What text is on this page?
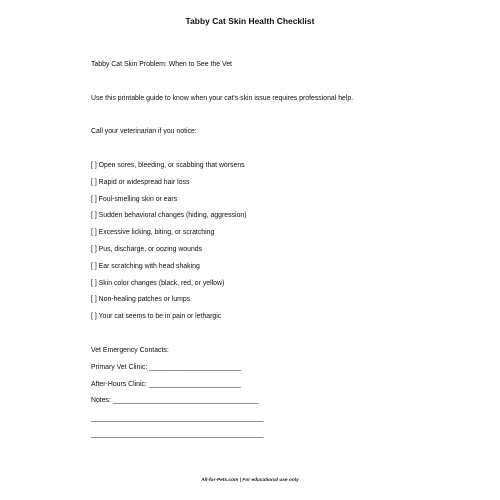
Tabby Cat Skin Health Checklist
Tabby Cat Skin Problem: When to See the Vet
Use this printable guide to know when your cat's skin issue requires professional help.
Call your veterinarian if you notice:
[ ] Open sores, bleeding, or scabbing that worsens
[ ] Rapid or widespread hair loss
[ ] Foul-smelling skin or ears
[ ] Sudden behavioral changes (hiding, aggression)
[ ] Excessive licking, biting, or scratching
[ ] Pus, discharge, or oozing wounds
[ ] Ear scratching with head shaking
[ ] Skin color changes (black, red, or yellow)
[ ] Non-healing patches or lumps
[ ] Your cat seems to be in pain or lethargic
Vet Emergency Contacts:
Primary Vet Clinic: ________________________
After-Hours Clinic: ________________________
Notes: ______________________________________
_____________________________________________
_____________________________________________
All-for-Pets.com | For educational use only
